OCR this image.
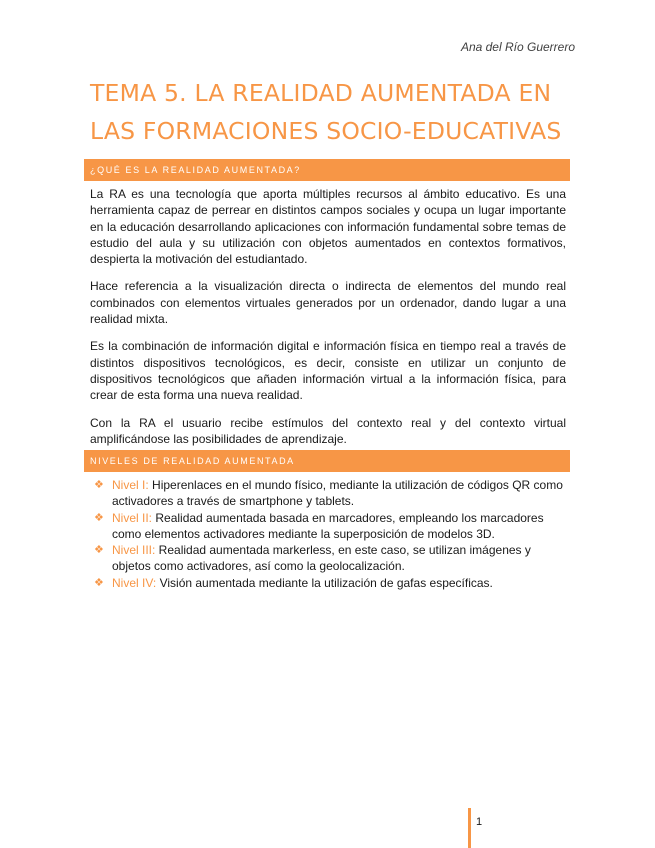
Ana del Río Guerrero
TEMA 5. LA REALIDAD AUMENTADA EN LAS FORMACIONES SOCIO-EDUCATIVAS
¿QUÉ ES LA REALIDAD AUMENTADA?

La RA es una tecnología que aporta múltiples recursos al ámbito educativo. Es una herramienta capaz de perrear en distintos campos sociales y ocupa un lugar importante en la educación desarrollando aplicaciones con información fundamental sobre temas de estudio del aula y su utilización con objetos aumentados en contextos formativos, despierta la motivación del estudiantado.

Hace referencia a la visualización directa o indirecta de elementos del mundo real combinados con elementos virtuales generados por un ordenador, dando lugar a una realidad mixta.

Es la combinación de información digital e información física en tiempo real a través de distintos dispositivos tecnológicos, es decir, consiste en utilizar un conjunto de dispositivos tecnológicos que añaden información virtual a la información física, para crear de esta forma una nueva realidad.

Con la RA el usuario recibe estímulos del contexto real y del contexto virtual amplificándose las posibilidades de aprendizaje.

NIVELES DE REALIDAD AUMENTADA
❖ Nivel I: Hiperenlaces en el mundo físico, mediante la utilización de códigos QR como activadores a través de smartphone y tablets.
❖ Nivel II: Realidad aumentada basada en marcadores, empleando los marcadores como elementos activadores mediante la superposición de modelos 3D.
❖ Nivel III: Realidad aumentada markerless, en este caso, se utilizan imágenes y objetos como activadores, así como la geolocalización.
❖ Nivel IV: Visión aumentada mediante la utilización de gafas específicas.
1
